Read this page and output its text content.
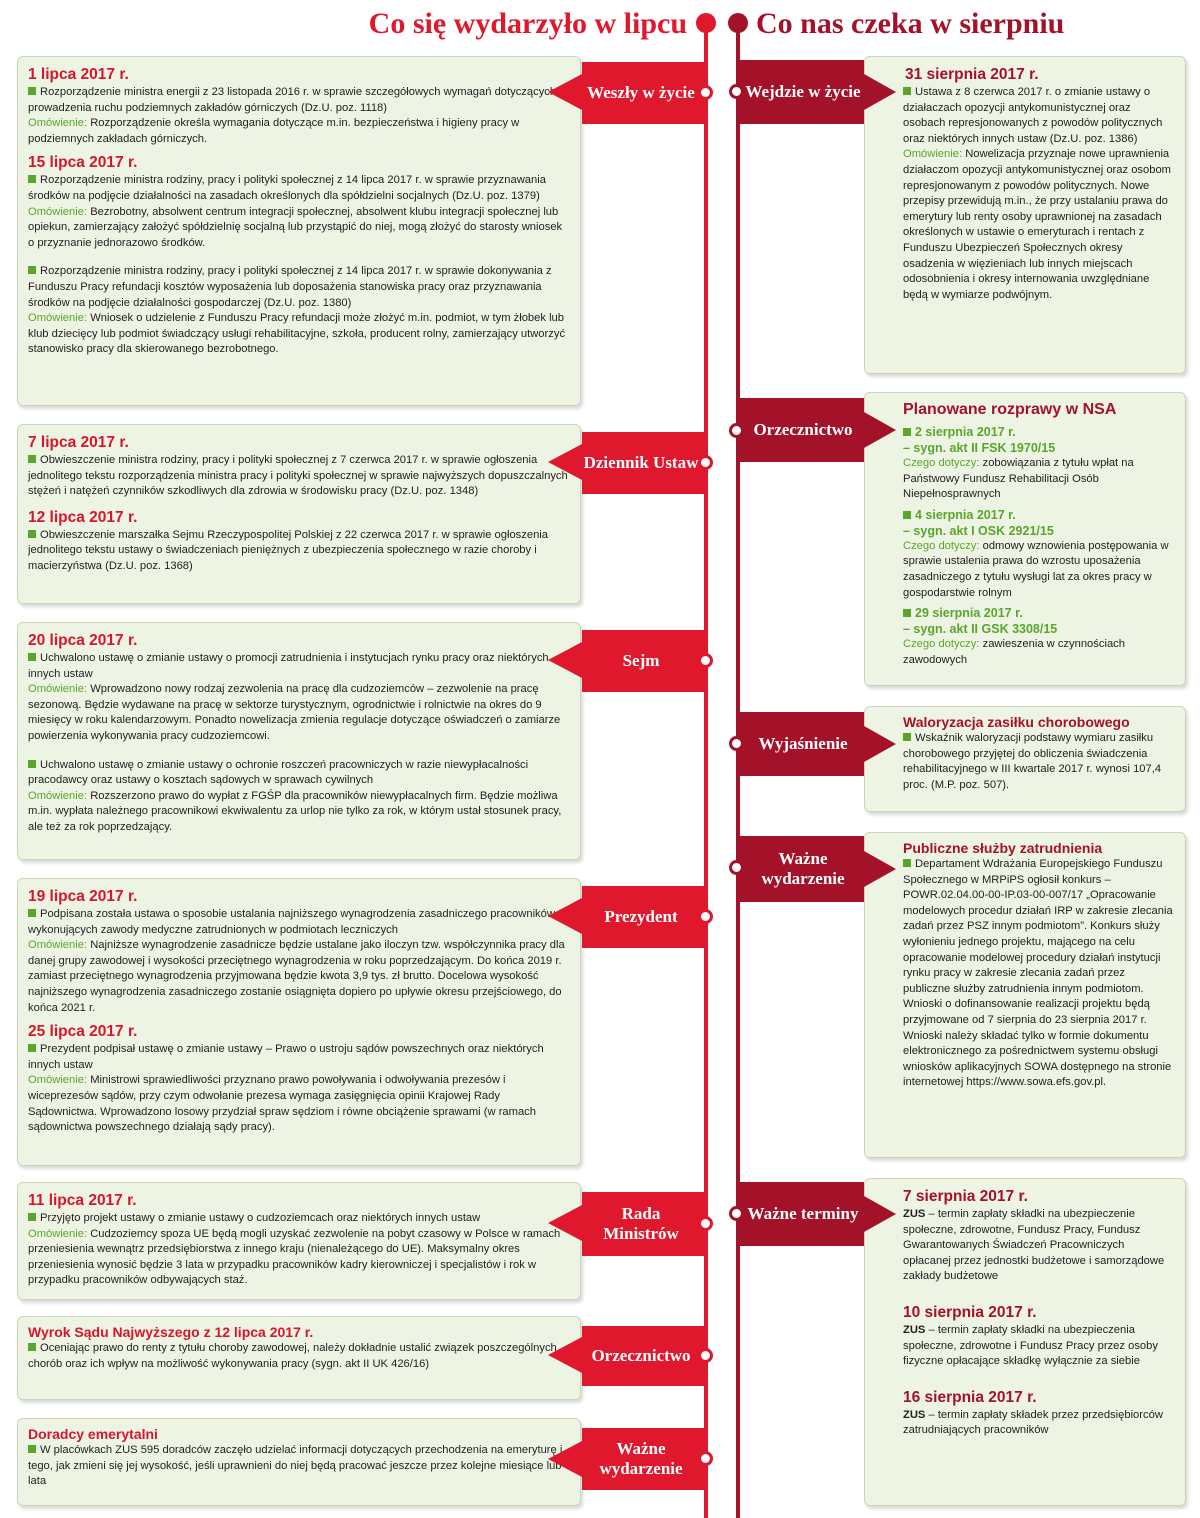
Co się wydarzyło w lipcu Co nas czeka w sierpniu
1 lipca 2017 r.

Rozporządzenie ministra energii z 23 listopada 2016 r. w sprawie szczegółowych wymagań dotyczących prowadzenia ruchu podziemnych zakładów górniczych (Dz.U. poz. 1118)

Omówienie: Rozporządzenie określa wymagania dotyczące m.in. bezpieczeństwa i higieny pracy w podziemnych zakładach górniczych.

15 lipca 2017 r.

Rozporządzenie ministra rodziny, pracy i polityki społecznej z 14 lipca 2017 r. w sprawie przyznawania środków na podjęcie działalności na zasadach określonych dla spółdzielni socjalnych (Dz.U. poz. 1379)

Omówienie: Bezrobotny, absolwent centrum integracji społecznej, absolwent klubu integracji społecznej lub opiekun, zamierzający założyć spółdzielnię socjalną lub przystąpić do niej, mogą złożyć do starosty wniosek o przyznanie jednorazowo środków.

Rozporządzenie ministra rodziny, pracy i polityki społecznej z 14 lipca 2017 r. w sprawie dokonywania z Funduszu Pracy refundacji kosztów wyposażenia lub doposażenia stanowiska pracy oraz przyznawania środków na podjęcie działalności gospodarczej (Dz.U. poz. 1380)

Omówienie: Wniosek o udzielenie z Funduszu Pracy refundacji może złożyć m.in. podmiot, w tym żłobek lub klub dziecięcy lub podmiot świadczący usługi rehabilitacyjne, szkoła, producent rolny, zamierzający utworzyć stanowisko pracy dla skierowanego bezrobotnego.

7 lipca 2017 r.

Obwieszczenie ministra rodziny, pracy i polityki społecznej z 7 czerwca 2017 r. w sprawie ogłoszenia jednolitego tekstu rozporządzenia ministra pracy i polityki społecznej w sprawie najwyższych dopuszczalnych stężeń i natężeń czynników szkodliwych dla zdrowia w środowisku pracy (Dz.U. poz. 1348)

12 lipca 2017 r.

Obwieszczenie marszałka Sejmu Rzeczypospolitej Polskiej z 22 czerwca 2017 r. w sprawie ogłoszenia jednolitego tekstu ustawy o świadczeniach pieniężnych z ubezpieczenia społecznego w razie choroby i macierzyństwa (Dz.U. poz. 1368)

20 lipca 2017 r.

Uchwalono ustawę o zmianie ustawy o promocji zatrudnienia i instytucjach rynku pracy oraz niektórych innych ustaw

Omówienie: Wprowadzono nowy rodzaj zezwolenia na pracę dla cudzoziemców – zezwolenie na pracę sezonową. Będzie wydawane na pracę w sektorze turystycznym, ogrodnictwie i rolnictwie na okres do 9 miesięcy w roku kalendarzowym. Ponadto nowelizacja zmienia regulacje dotyczące oświadczeń o zamiarze powierzenia wykonywania pracy cudzoziemcowi.

Uchwalono ustawę o zmianie ustawy o ochronie roszczeń pracowniczych w razie niewypłacalności pracodawcy oraz ustawy o kosztach sądowych w sprawach cywilnych

Omówienie: Rozszerzono prawo do wypłat z FGŚP dla pracowników niewypłacalnych firm. Będzie możliwa m.in. wypłata należnego pracownikowi ekwiwalentu za urlop nie tylko za rok, w którym ustał stosunek pracy, ale też za rok poprzedzający.

19 lipca 2017 r.

Podpisana została ustawa o sposobie ustalania najniższego wynagrodzenia zasadniczego pracowników wykonujących zawody medyczne zatrudnionych w podmiotach leczniczych

Omówienie: Najniższe wynagrodzenie zasadnicze będzie ustalane jako iloczyn tzw. współczynnika pracy dla danej grupy zawodowej i wysokości przeciętnego wynagrodzenia w roku poprzedzającym. Do końca 2019 r. zamiast przeciętnego wynagrodzenia przyjmowana będzie kwota 3,9 tys. zł brutto. Docelowa wysokość najniższego wynagrodzenia zasadniczego zostanie osiągnięta dopiero po upływie okresu przejściowego, do końca 2021 r.

25 lipca 2017 r.

Prezydent podpisał ustawę o zmianie ustawy – Prawo o ustroju sądów powszechnych oraz niektórych innych ustaw

Omówienie: Ministrowi sprawiedliwości przyznano prawo powoływania i odwoływania prezesów i wiceprezesów sądów, przy czym odwołanie prezesa wymaga zasięgnięcia opinii Krajowej Rady Sądownictwa. Wprowadzono losowy przydział spraw sędziom i równe obciążenie sprawami (w ramach sądownictwa powszechnego działają sądy pracy).

11 lipca 2017 r.

Przyjęto projekt ustawy o zmianie ustawy o cudzoziemcach oraz niektórych innych ustaw

Omówienie: Cudzoziemcy spoza UE będą mogli uzyskać zezwolenie na pobyt czasowy w Polsce w ramach przeniesienia wewnątrz przedsiębiorstwa z innego kraju (nienależącego do UE). Maksymalny okres przeniesienia wynosić będzie 3 lata w przypadku pracowników kadry kierowniczej i specjalistów i rok w przypadku pracowników odbywających staż.

Wyrok Sądu Najwyższego z 12 lipca 2017 r.

Oceniając prawo do renty z tytułu choroby zawodowej, należy dokładnie ustalić związek poszczególnych chorób oraz ich wpływ na możliwość wykonywania pracy (sygn. akt II UK 426/16)

Doradcy emerytalni

W placówkach ZUS 595 doradców zaczęło udzielać informacji dotyczących przechodzenia na emeryturę i tego, jak zmieni się jej wysokość, jeśli uprawnieni do niej będą pracować jeszcze przez kolejne miesiące lub lata

Weszły w życie
Dziennik Ustaw
Sejm
Prezydent
Rada Ministrów
Orzecznictwo
Ważne wydarzenie
31 sierpnia 2017 r.

Ustawa z 8 czerwca 2017 r. o zmianie ustawy o działaczach opozycji antykomunistycznej oraz osobach represjonowanych z powodów politycznych oraz niektórych innych ustaw (Dz.U. poz. 1386)

Omówienie: Nowelizacja przyznaje nowe uprawnienia działaczom opozycji antykomunistycznej oraz osobom represjonowanym z powodów politycznych. Nowe przepisy przewidują m.in., że przy ustalaniu prawa do emerytury lub renty osoby uprawnionej na zasadach określonych w ustawie o emeryturach i rentach z Funduszu Ubezpieczeń Społecznych okresy osadzenia w więzieniach lub innych miejscach odosobnienia i okresy internowania uwzględniane będą w wymiarze podwójnym.

Planowane rozprawy w NSA
2 sierpnia 2017 r.
– sygn. akt II FSK 1970/15

Czego dotyczy: zobowiązania z tytułu wpłat na Państwowy Fundusz Rehabilitacji Osób Niepełnosprawnych

4 sierpnia 2017 r.
– sygn. akt I OSK 2921/15

Czego dotyczy: odmowy wznowienia postępowania w sprawie ustalenia prawa do wzrostu uposażenia zasadniczego z tytułu wysługi lat za okres pracy w gospodarstwie rolnym

29 sierpnia 2017 r.
– sygn. akt II GSK 3308/15

Czego dotyczy: zawieszenia w czynnościach zawodowych

Waloryzacja zasiłku chorobowego

Wskaźnik waloryzacji podstawy wymiaru zasiłku chorobowego przyjętej do obliczenia świadczenia rehabilitacyjnego w III kwartale 2017 r. wynosi 107,4 proc. (M.P. poz. 507).

Publiczne służby zatrudnienia

Departament Wdrażania Europejskiego Funduszu Społecznego w MRPiPS ogłosił konkurs – POWR.02.04.00-00-IP.03-00-007/17 „Opracowanie modelowych procedur działań IRP w zakresie zlecania zadań przez PSZ innym podmiotom”. Konkurs służy wyłonieniu jednego projektu, mającego na celu opracowanie modelowej procedury działań instytucji rynku pracy w zakresie zlecania zadań przez publiczne służby zatrudnienia innym podmiotom. Wnioski o dofinansowanie realizacji projektu będą przyjmowane od 7 sierpnia do 23 sierpnia 2017 r. Wnioski należy składać tylko w formie dokumentu elektronicznego za pośrednictwem systemu obsługi wniosków aplikacyjnych SOWA dostępnego na stronie internetowej https://www.sowa.efs.gov.pl.

7 sierpnia 2017 r.

ZUS – termin zapłaty składki na ubezpieczenie społeczne, zdrowotne, Fundusz Pracy, Fundusz Gwarantowanych Świadczeń Pracowniczych opłacanej przez jednostki budżetowe i samorządowe zakłady budżetowe

10 sierpnia 2017 r.

ZUS – termin zapłaty składki na ubezpieczenia społeczne, zdrowotne i Fundusz Pracy przez osoby fizyczne opłacające składkę wyłącznie za siebie

16 sierpnia 2017 r.

ZUS – termin zapłaty składek przez przedsiębiorców zatrudniających pracowników

Wejdzie w życie
Orzecznictwo
Wyjaśnienie
Ważne wydarzenie
Ważne terminy
